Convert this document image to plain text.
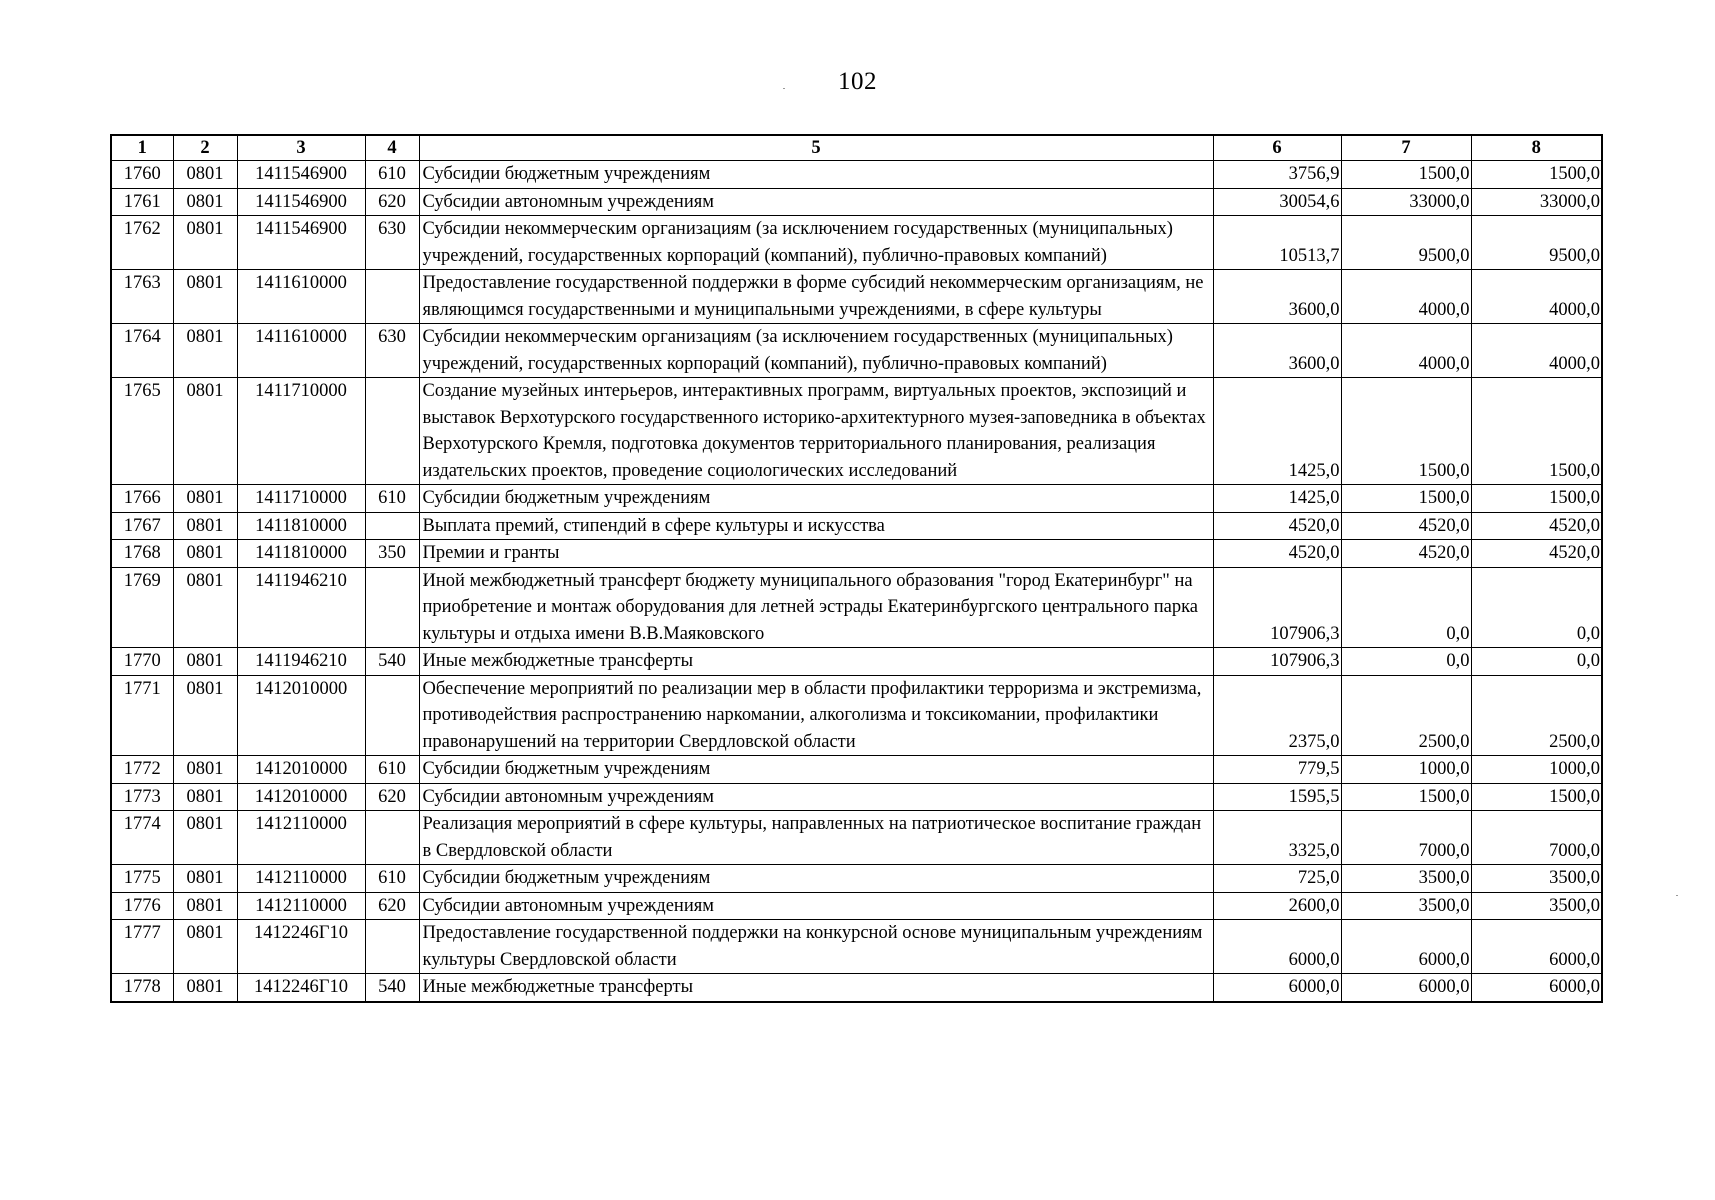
102
1	2	3	4	5	6	7	8
1760	0801	1411546900	610	Субсидии бюджетным учреждениям	3756,9	1500,0	1500,0
1761	0801	1411546900	620	Субсидии автономным учреждениям	30054,6	33000,0	33000,0
1762	0801	1411546900	630	Субсидии некоммерческим организациям (за исключением государственных (муниципальных) учреждений, государственных корпораций (компаний), публично-правовых компаний)	10513,7	9500,0	9500,0
1763	0801	1411610000		Предоставление государственной поддержки в форме субсидий некоммерческим организациям, не являющимся государственными и муниципальными учреждениями, в сфере культуры	3600,0	4000,0	4000,0
1764	0801	1411610000	630	Субсидии некоммерческим организациям (за исключением государственных (муниципальных) учреждений, государственных корпораций (компаний), публично-правовых компаний)	3600,0	4000,0	4000,0
1765	0801	1411710000		Создание музейных интерьеров, интерактивных программ, виртуальных проектов, экспозиций и выставок Верхотурского государственного историко-архитектурного музея-заповедника в объектах Верхотурского Кремля, подготовка документов территориального планирования, реализация издательских проектов, проведение социологических исследований	1425,0	1500,0	1500,0
1766	0801	1411710000	610	Субсидии бюджетным учреждениям	1425,0	1500,0	1500,0
1767	0801	1411810000		Выплата премий, стипендий в сфере культуры и искусства	4520,0	4520,0	4520,0
1768	0801	1411810000	350	Премии и гранты	4520,0	4520,0	4520,0
1769	0801	1411946210		Иной межбюджетный трансферт бюджету муниципального образования "город Екатеринбург" на приобретение и монтаж оборудования для летней эстрады Екатеринбургского центрального парка культуры и отдыха имени В.В.Маяковского	107906,3	0,0	0,0
1770	0801	1411946210	540	Иные межбюджетные трансферты	107906,3	0,0	0,0
1771	0801	1412010000		Обеспечение мероприятий по реализации мер в области профилактики терроризма и экстремизма, противодействия распространению наркомании, алкоголизма и токсикомании, профилактики правонарушений на территории Свердловской области	2375,0	2500,0	2500,0
1772	0801	1412010000	610	Субсидии бюджетным учреждениям	779,5	1000,0	1000,0
1773	0801	1412010000	620	Субсидии автономным учреждениям	1595,5	1500,0	1500,0
1774	0801	1412110000		Реализация мероприятий в сфере культуры, направленных на патриотическое воспитание граждан в Свердловской области	3325,0	7000,0	7000,0
1775	0801	1412110000	610	Субсидии бюджетным учреждениям	725,0	3500,0	3500,0
1776	0801	1412110000	620	Субсидии автономным учреждениям	2600,0	3500,0	3500,0
1777	0801	1412246Г10		Предоставление государственной поддержки на конкурсной основе муниципальным учреждениям культуры Свердловской области	6000,0	6000,0	6000,0
1778	0801	1412246Г10	540	Иные межбюджетные трансферты	6000,0	6000,0	6000,0
